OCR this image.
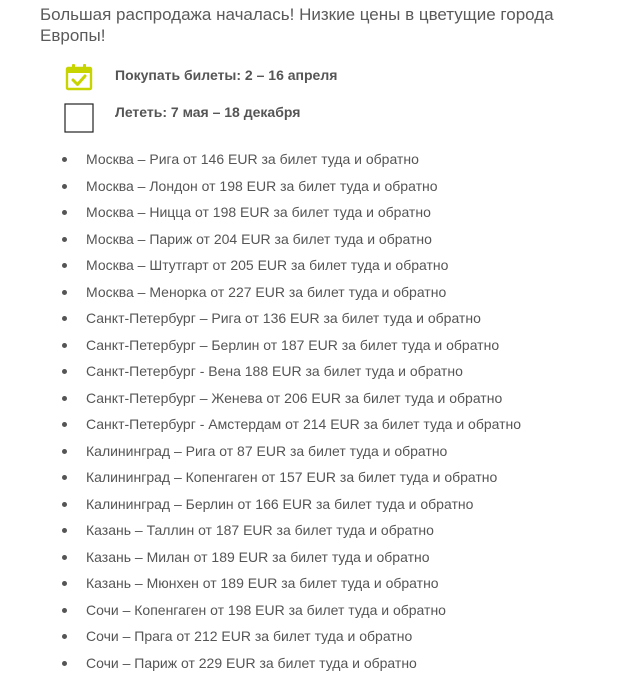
Большая распродажа началась! Низкие цены в цветущие города Европы!
Покупать билеты: 2 – 16 апреля
Лететь: 7 мая – 18 декабря
Москва – Рига от 146 EUR за билет туда и обратно
Москва – Лондон от 198 EUR за билет туда и обратно
Москва – Ницца от 198 EUR за билет туда и обратно
Москва – Париж от 204 EUR за билет туда и обратно
Москва – Штутгарт от 205 EUR за билет туда и обратно
Москва – Менорка от 227 EUR за билет туда и обратно
Санкт-Петербург – Рига от 136 EUR за билет туда и обратно
Санкт-Петербург – Берлин от 187 EUR за билет туда и обратно
Санкт-Петербург - Вена 188 EUR за билет туда и обратно
Санкт-Петербург – Женева от 206 EUR за билет туда и обратно
Санкт-Петербург - Амстердам от 214 EUR за билет туда и обратно
Калининград – Рига от 87 EUR за билет туда и обратно
Калининград – Копенгаген от 157 EUR за билет туда и обратно
Калининград – Берлин от 166 EUR за билет туда и обратно
Казань – Таллин от 187 EUR за билет туда и обратно
Казань – Милан от 189 EUR за билет туда и обратно
Казань – Мюнхен от 189 EUR за билет туда и обратно
Сочи – Копенгаген от 198 EUR за билет туда и обратно
Сочи – Прага от 212 EUR за билет туда и обратно
Сочи – Париж от 229 EUR за билет туда и обратно
